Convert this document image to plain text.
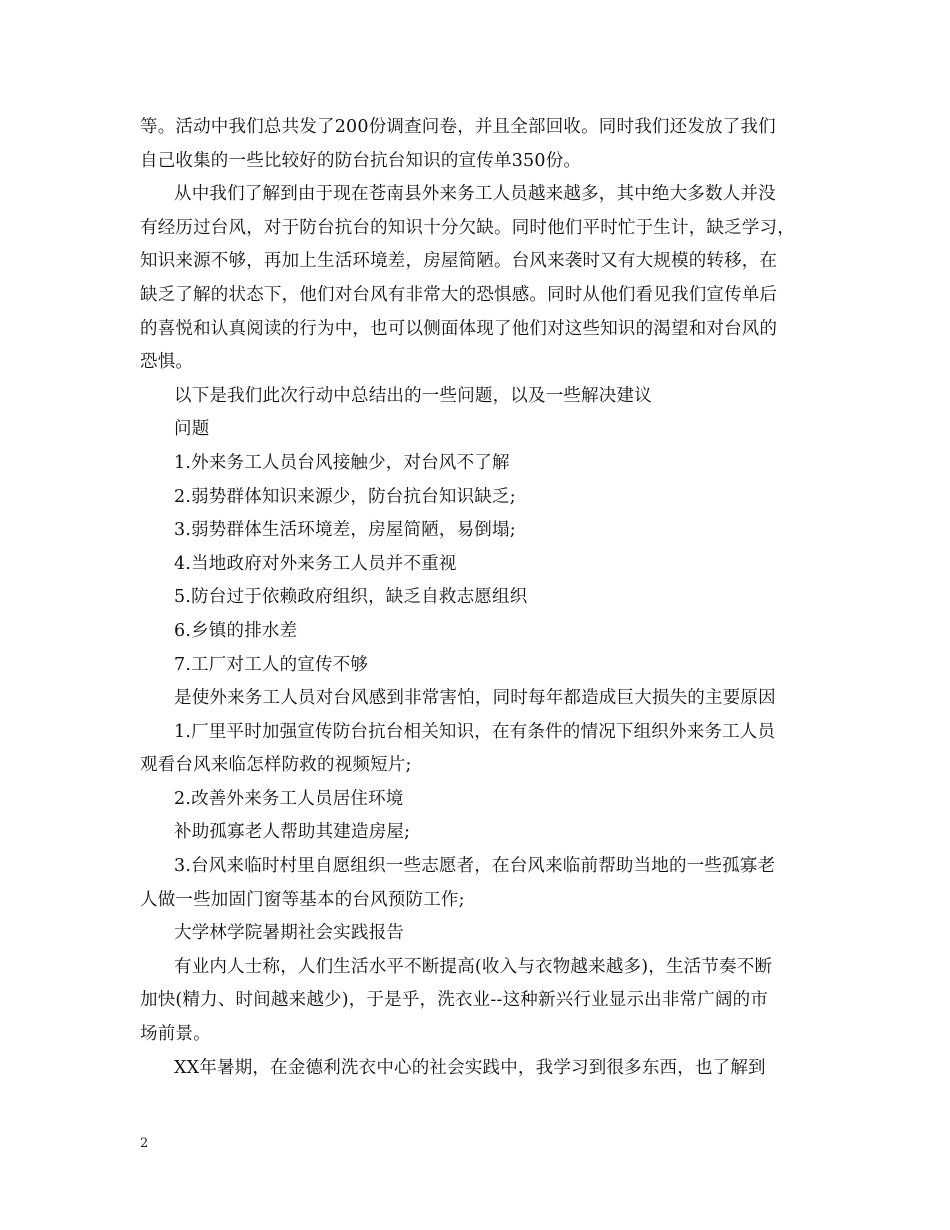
等。活动中我们总共发了200份调查问卷，并且全部回收。同时我们还发放了我们
自己收集的一些比较好的防台抗台知识的宣传单350份。
从中我们了解到由于现在苍南县外来务工人员越来越多，其中绝大多数人并没
有经历过台风，对于防台抗台的知识十分欠缺。同时他们平时忙于生计，缺乏学习，
知识来源不够，再加上生活环境差，房屋简陋。台风来袭时又有大规模的转移，在
缺乏了解的状态下，他们对台风有非常大的恐惧感。同时从他们看见我们宣传单后
的喜悦和认真阅读的行为中，也可以侧面体现了他们对这些知识的渴望和对台风的
恐惧。
以下是我们此次行动中总结出的一些问题，以及一些解决建议
问题
1.外来务工人员台风接触少，对台风不了解
2.弱势群体知识来源少，防台抗台知识缺乏;
3.弱势群体生活环境差，房屋简陋，易倒塌;
4.当地政府对外来务工人员并不重视
5.防台过于依赖政府组织，缺乏自救志愿组织
6.乡镇的排水差
7.工厂对工人的宣传不够
是使外来务工人员对台风感到非常害怕，同时每年都造成巨大损失的主要原因
1.厂里平时加强宣传防台抗台相关知识，在有条件的情况下组织外来务工人员
观看台风来临怎样防救的视频短片;
2.改善外来务工人员居住环境
补助孤寡老人帮助其建造房屋;
3.台风来临时村里自愿组织一些志愿者，在台风来临前帮助当地的一些孤寡老
人做一些加固门窗等基本的台风预防工作;
大学林学院暑期社会实践报告
有业内人士称，人们生活水平不断提高(收入与衣物越来越多)，生活节奏不断
加快(精力、时间越来越少)，于是乎，洗衣业--这种新兴行业显示出非常广阔的市
场前景。
XX年暑期，在金德利洗衣中心的社会实践中，我学习到很多东西，也了解到
2
